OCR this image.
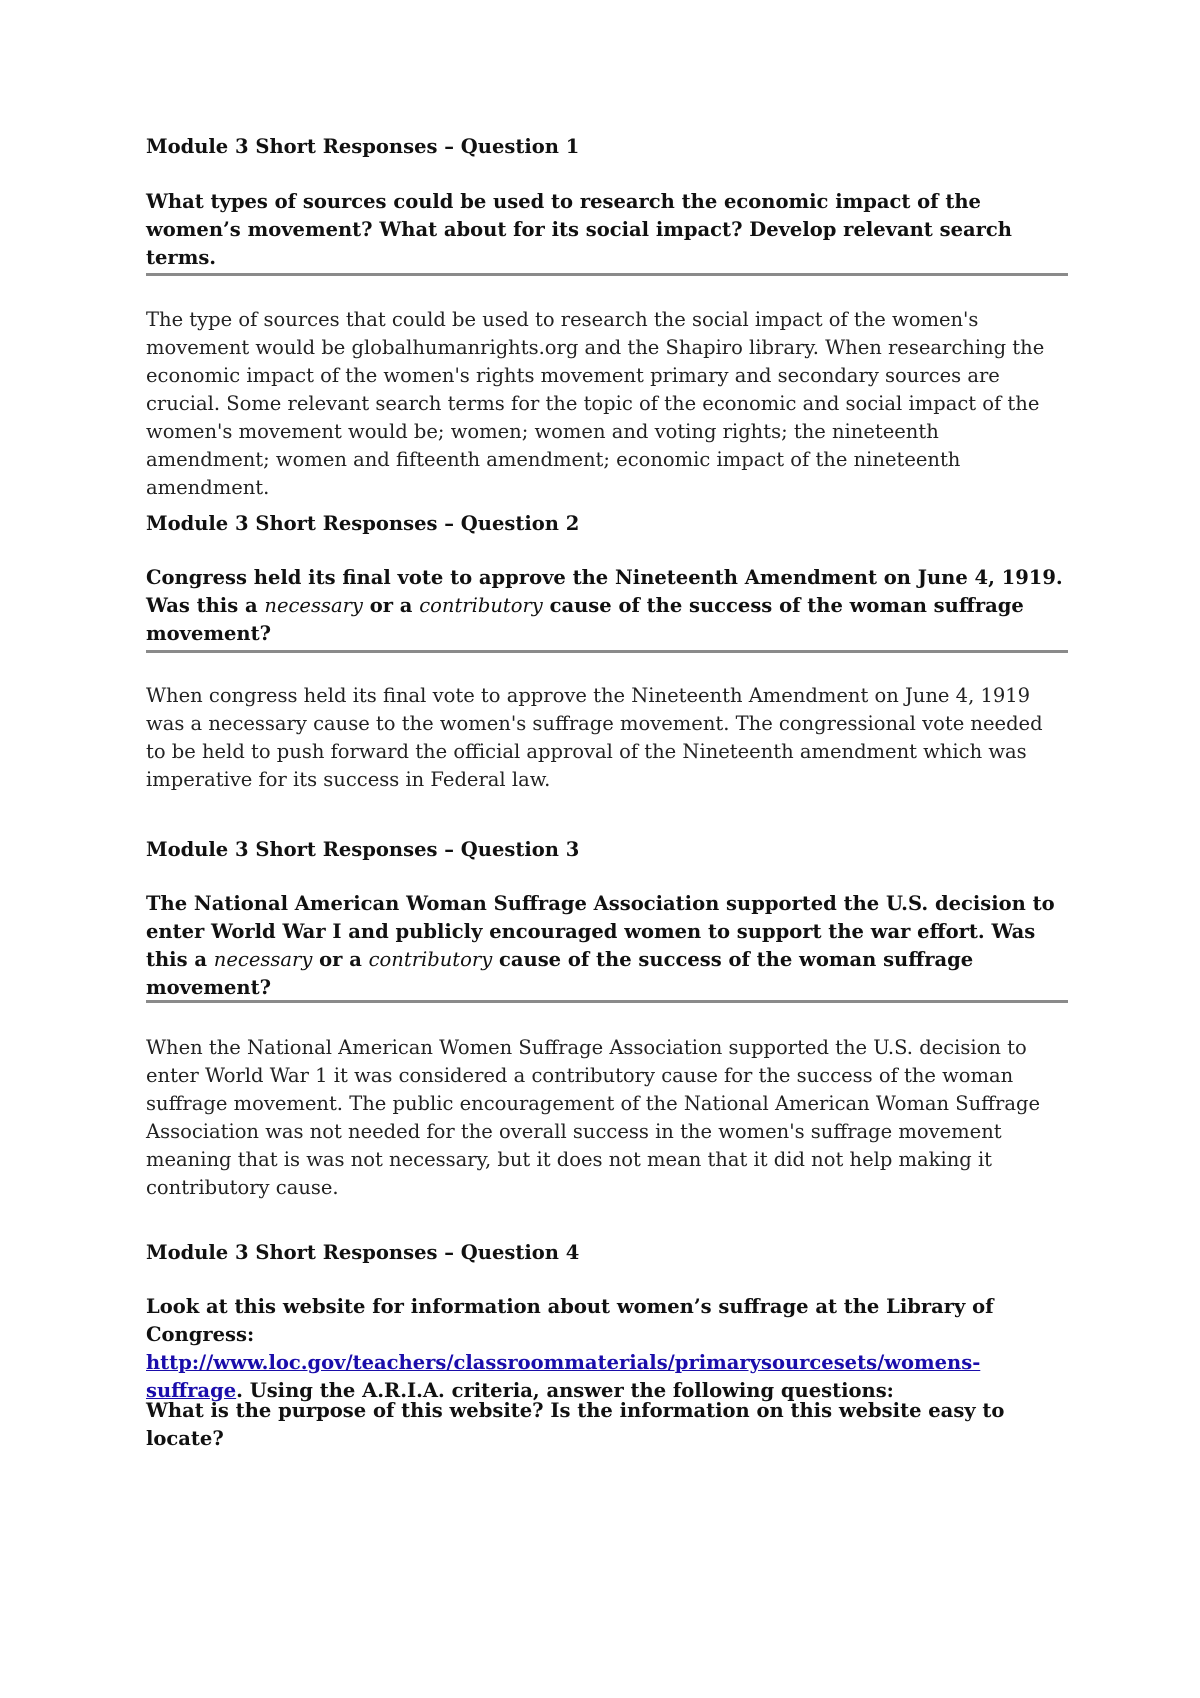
Module 3 Short Responses – Question 1

What types of sources could be used to research the economic impact of the women’s movement? What about for its social impact? Develop relevant search terms.

The type of sources that could be used to research the social impact of the women's movement would be globalhumanrights.org and the Shapiro library. When researching the economic impact of the women's rights movement primary and secondary sources are crucial. Some relevant search terms for the topic of the economic and social impact of the women's movement would be; women; women and voting rights; the nineteenth amendment; women and fifteenth amendment; economic impact of the nineteenth amendment.

Module 3 Short Responses – Question 2

Congress held its final vote to approve the Nineteenth Amendment on June 4, 1919. Was this a necessary or a contributory cause of the success of the woman suffrage movement?

When congress held its final vote to approve the Nineteenth Amendment on June 4, 1919 was a necessary cause to the women's suffrage movement. The congressional vote needed to be held to push forward the official approval of the Nineteenth amendment which was imperative for its success in Federal law.

Module 3 Short Responses – Question 3

The National American Woman Suffrage Association supported the U.S. decision to enter World War I and publicly encouraged women to support the war effort. Was this a necessary or a contributory cause of the success of the woman suffrage movement?

When the National American Women Suffrage Association supported the U.S. decision to enter World War 1 it was considered a contributory cause for the success of the woman suffrage movement. The public encouragement of the National American Woman Suffrage Association was not needed for the overall success in the women's suffrage movement meaning that is was not necessary, but it does not mean that it did not help making it contributory cause.

Module 3 Short Responses – Question 4

Look at this website for information about women’s suffrage at the Library of Congress: http://www.loc.gov/teachers/classroommaterials/primarysourcesets/womens-suffrage. Using the A.R.I.A. criteria, answer the following questions:

What is the purpose of this website? Is the information on this website easy to locate?
